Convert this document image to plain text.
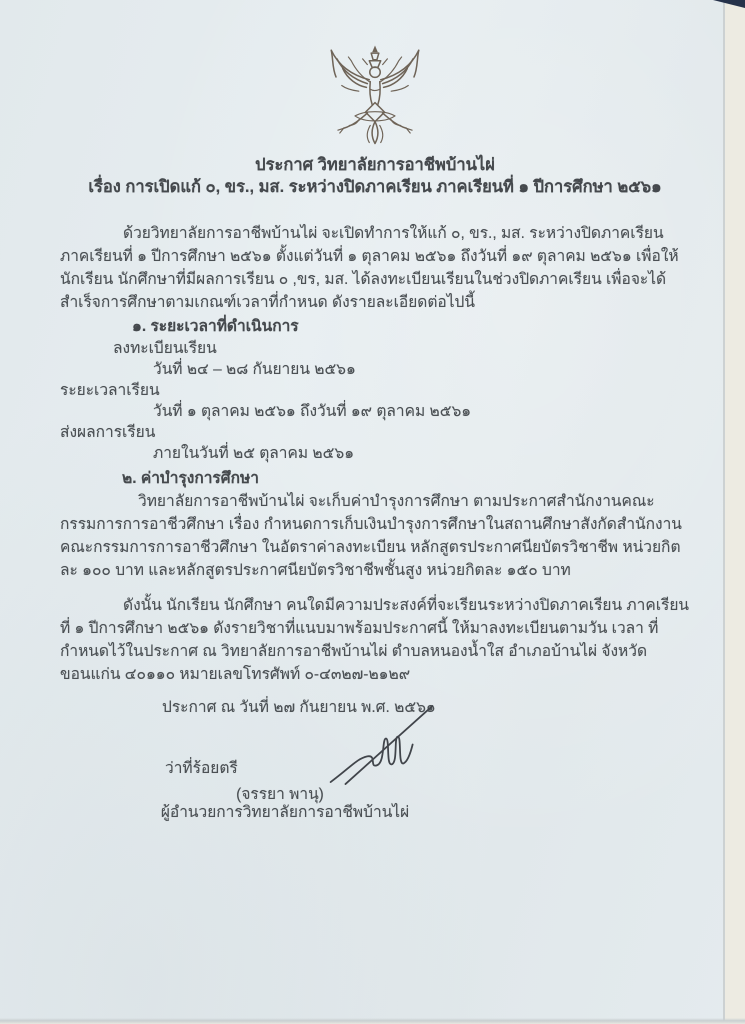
ประกาศ วิทยาลัยการอาชีพบ้านไผ่
เรื่อง การเปิดแก้ ๐, ขร., มส. ระหว่างปิดภาคเรียน ภาคเรียนที่ ๑ ปีการศึกษา ๒๕๖๑

ด้วยวิทยาลัยการอาชีพบ้านไผ่ จะเปิดทำการให้แก้ ๐, ขร., มส. ระหว่างปิดภาคเรียน ภาคเรียนที่ ๑ ปีการศึกษา ๒๕๖๑ ตั้งแต่วันที่ ๑ ตุลาคม ๒๕๖๑ ถึงวันที่ ๑๙ ตุลาคม ๒๕๖๑ เพื่อให้นักเรียน นักศึกษาที่มีผลการเรียน ๐ ,ขร, มส. ได้ลงทะเบียนเรียนในช่วงปิดภาคเรียน เพื่อจะได้สำเร็จการศึกษาตามเกณฑ์เวลาที่กำหนด ดังรายละเอียดต่อไปนี้

๑. ระยะเวลาที่ดำเนินการ
ลงทะเบียนเรียน
วันที่ ๒๔ – ๒๘ กันยายน ๒๕๖๑
ระยะเวลาเรียน
วันที่ ๑ ตุลาคม ๒๕๖๑ ถึงวันที่ ๑๙ ตุลาคม ๒๕๖๑
ส่งผลการเรียน
ภายในวันที่ ๒๕ ตุลาคม ๒๕๖๑
๒. ค่าบำรุงการศึกษา

วิทยาลัยการอาชีพบ้านไผ่ จะเก็บค่าบำรุงการศึกษา ตามประกาศสำนักงานคณะกรรมการการอาชีวศึกษา เรื่อง กำหนดการเก็บเงินบำรุงการศึกษาในสถานศึกษาสังกัดสำนักงานคณะกรรมการการอาชีวศึกษา ในอัตราค่าลงทะเบียน หลักสูตรประกาศนียบัตรวิชาชีพ หน่วยกิตละ ๑๐๐ บาท และหลักสูตรประกาศนียบัตรวิชาชีพชั้นสูง หน่วยกิตละ ๑๕๐ บาท

ดังนั้น นักเรียน นักศึกษา คนใดมีความประสงค์ที่จะเรียนระหว่างปิดภาคเรียน ภาคเรียนที่ ๑ ปีการศึกษา ๒๕๖๑ ดังรายวิชาที่แนบมาพร้อมประกาศนี้ ให้มาลงทะเบียนตามวัน เวลา ที่กำหนดไว้ในประกาศ ณ วิทยาลัยการอาชีพบ้านไผ่ ตำบลหนองน้ำใส อำเภอบ้านไผ่ จังหวัดขอนแก่น ๔๐๑๑๐ หมายเลขโทรศัพท์ ๐-๔๓๒๗-๒๑๒๙

ประกาศ ณ วันที่ ๒๗ กันยายน พ.ศ. ๒๕๖๑
ว่าที่ร้อยตรี
(จรรยา พานุ)
ผู้อำนวยการวิทยาลัยการอาชีพบ้านไผ่
